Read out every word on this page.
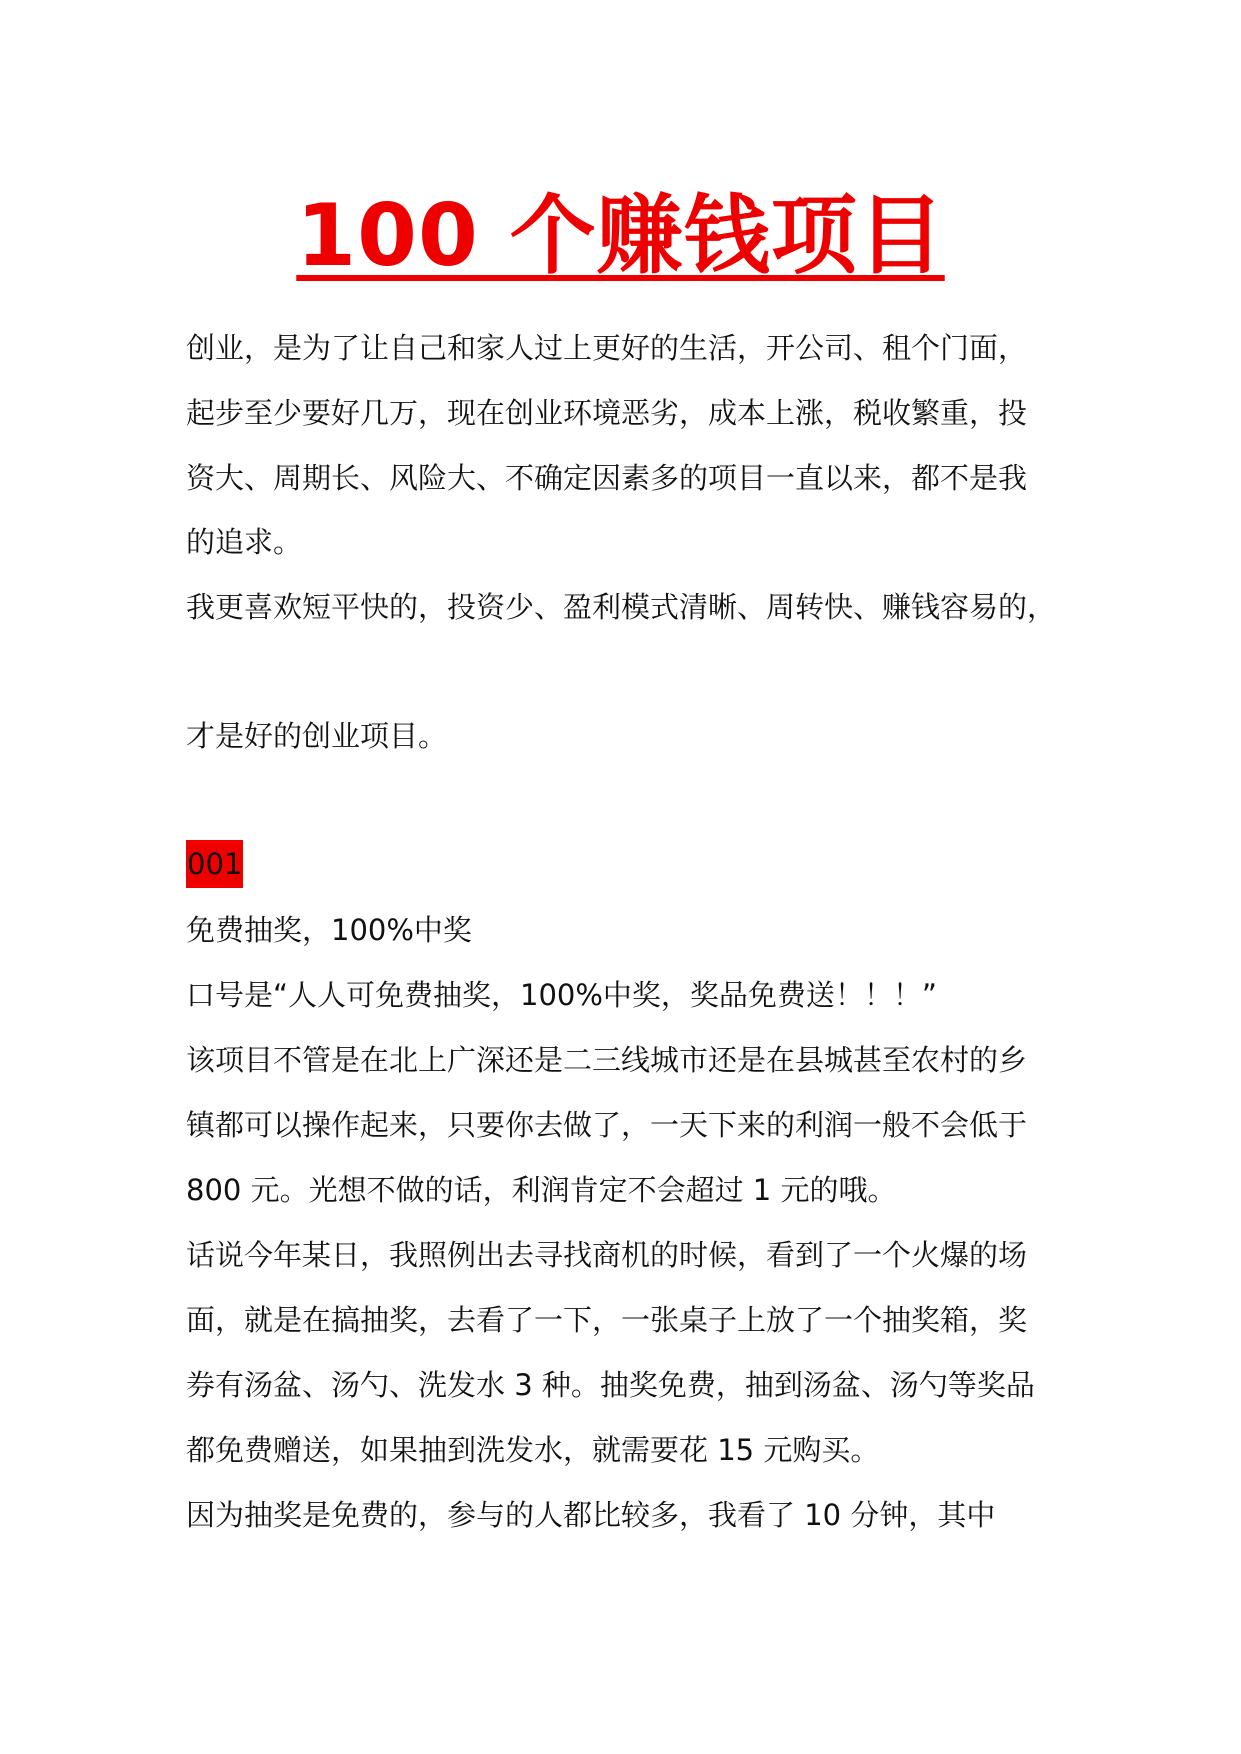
100 个赚钱项目
创业，是为了让自己和家人过上更好的生活，开公司、租个门面，
起步至少要好几万，现在创业环境恶劣，成本上涨，税收繁重，投
资大、周期长、风险大、不确定因素多的项目一直以来，都不是我
的追求。
我更喜欢短平快的，投资少、盈利模式清晰、周转快、赚钱容易的，
才是好的创业项目。
001
免费抽奖，100%中奖
口号是“人人可免费抽奖，100%中奖，奖品免费送！！！”
该项目不管是在北上广深还是二三线城市还是在县城甚至农村的乡
镇都可以操作起来，只要你去做了，一天下来的利润一般不会低于
800 元。光想不做的话，利润肯定不会超过 1 元的哦。
话说今年某日，我照例出去寻找商机的时候，看到了一个火爆的场
面，就是在搞抽奖，去看了一下，一张桌子上放了一个抽奖箱，奖
券有汤盆、汤勺、洗发水 3 种。抽奖免费，抽到汤盆、汤勺等奖品
都免费赠送，如果抽到洗发水，就需要花 15 元购买。
因为抽奖是免费的，参与的人都比较多，我看了 10 分钟，其中
